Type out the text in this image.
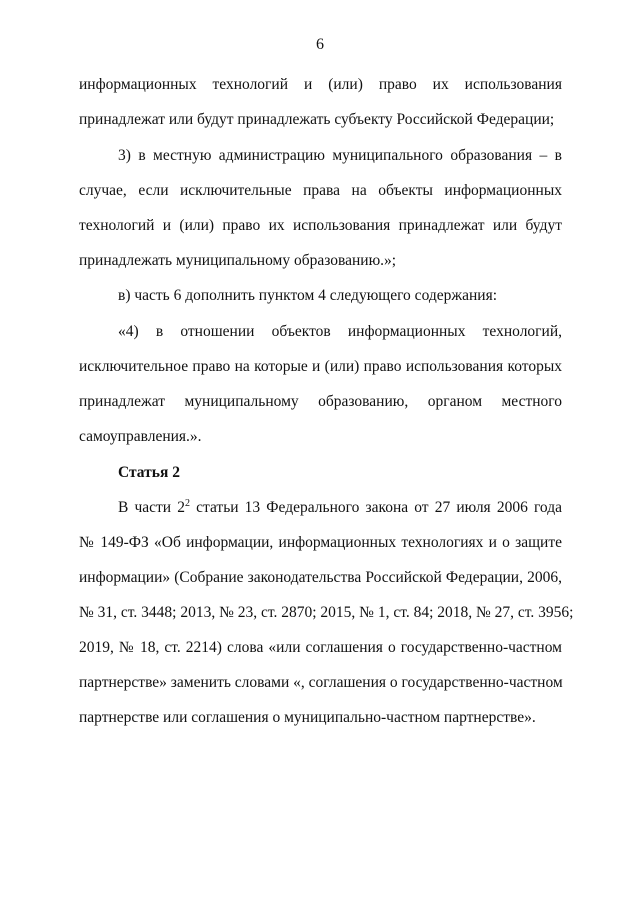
6
информационных технологий и (или) право их использования
принадлежат или будут принадлежать субъекту Российской Федерации;
3) в местную администрацию муниципального образования – в
случае, если исключительные права на объекты информационных
технологий и (или) право их использования принадлежат или будут
принадлежать муниципальному образованию.»;
в) часть 6 дополнить пунктом 4 следующего содержания:
«4) в отношении объектов информационных технологий,
исключительное право на которые и (или) право использования которых
принадлежат муниципальному образованию, органом местного
самоуправления.».
Статья 2
В части $2^2$ статьи 13 Федерального закона от 27 июля 2006 года
№ 149-ФЗ «Об информации, информационных технологиях и о защите
информации» (Собрание законодательства Российской Федерации, 2006,
№ 31, ст. 3448; 2013, № 23, ст. 2870; 2015, № 1, ст. 84; 2018, № 27, ст. 3956;
2019, № 18, ст. 2214) слова «или соглашения о государственно-частном
партнерстве» заменить словами «, соглашения о государственно-частном
партнерстве или соглашения о муниципально-частном партнерстве».
